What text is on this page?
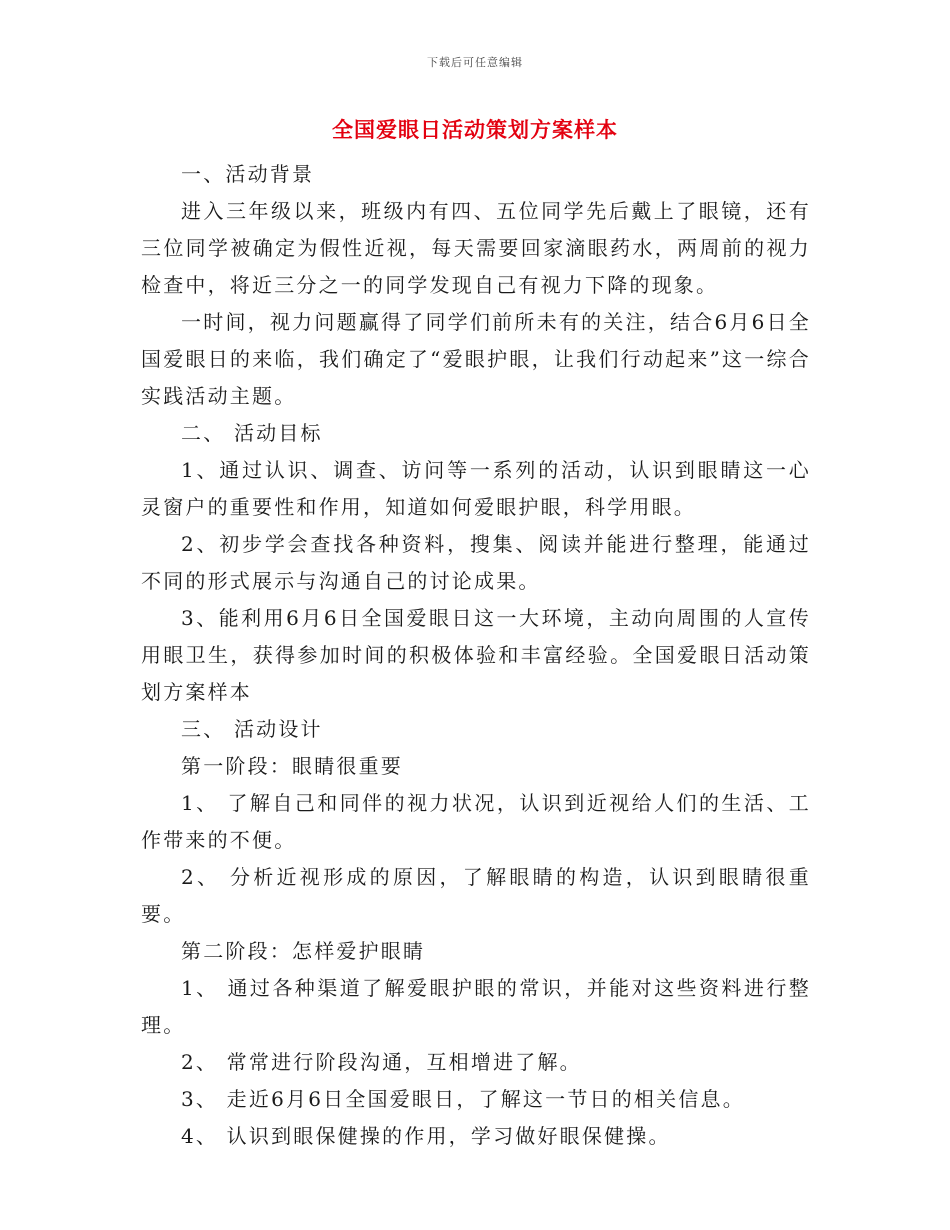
下载后可任意编辑
全国爱眼日活动策划方案样本

一、活动背景

进入三年级以来，班级内有四、五位同学先后戴上了眼镜，还有三位同学被确定为假性近视，每天需要回家滴眼药水，两周前的视力检查中，将近三分之一的同学发现自己有视力下降的现象。

一时间，视力问题赢得了同学们前所未有的关注，结合6月6日全国爱眼日的来临，我们确定了“爱眼护眼，让我们行动起来”这一综合实践活动主题。

二、 活动目标

1、通过认识、调查、访问等一系列的活动，认识到眼睛这一心灵窗户的重要性和作用，知道如何爱眼护眼，科学用眼。

2、初步学会查找各种资料，搜集、阅读并能进行整理，能通过不同的形式展示与沟通自己的讨论成果。

3、能利用6月6日全国爱眼日这一大环境，主动向周围的人宣传用眼卫生，获得参加时间的积极体验和丰富经验。全国爱眼日活动策划方案样本

三、 活动设计

第一阶段：眼睛很重要

1、 了解自己和同伴的视力状况，认识到近视给人们的生活、工作带来的不便。

2、 分析近视形成的原因，了解眼睛的构造，认识到眼睛很重要。

第二阶段：怎样爱护眼睛

1、 通过各种渠道了解爱眼护眼的常识，并能对这些资料进行整理。

2、 常常进行阶段沟通，互相增进了解。

3、 走近6月6日全国爱眼日，了解这一节日的相关信息。

4、 认识到眼保健操的作用，学习做好眼保健操。
